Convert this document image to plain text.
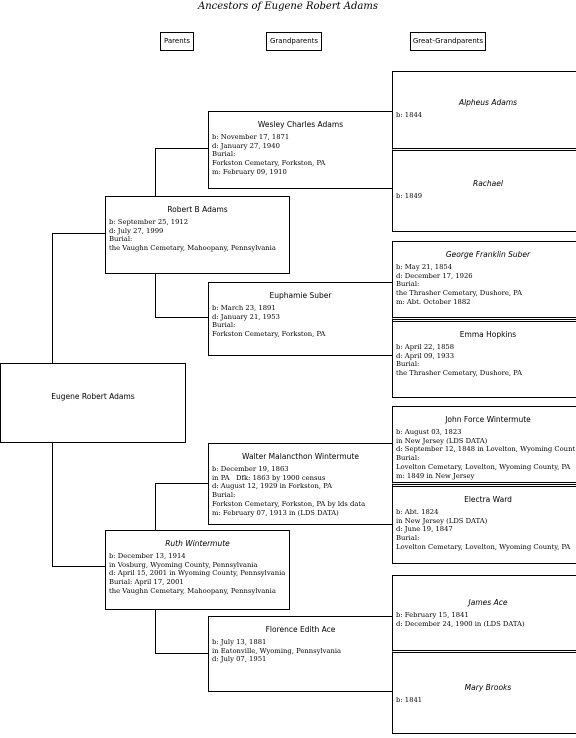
Ancestors of Eugene Robert Adams
Parents	Grandparents	Great-Grandparents
Eugene Robert Adams
Robert B Adams
b: September 25, 1912
d: July 27, 1999
Burial:
the Vaughn Cemetary, Mahoopany, Pennsylvania
Ruth Wintermute
b: December 13, 1914
in Vosburg, Wyoming County, Pennsylvania
d: April 15, 2001 in Wyoming County, Pennsylvania
Burial: April 17, 2001
the Vaughn Cemetary, Mahoopany, Pennsylvania
Wesley Charles Adams
b: November 17, 1871
d: January 27, 1940
Burial:
Forkston Cemetary, Forkston, PA
m: February 09, 1910
Euphamie Suber
b: March 23, 1891
d: January 21, 1953
Burial:
Forkston Cemetary, Forkston, PA
Walter Malancthon Wintermute
b: December 19, 1863
in PA   Dfk: 1863 by 1900 census
d: August 12, 1929 in Forkston, PA
Burial:
Forkston Cemetary, Forkston, PA by lds data
m: February 07, 1913 in (LDS DATA)
Florence Edith Ace
b: July 13, 1881
in Eatonville, Wyoming, Pennsylvania
d: July 07, 1951
Alpheus Adams
b: 1844
Rachael
b: 1849
George Franklin Suber
b: May 21, 1854
d: December 17, 1926
Burial:
the Thrasher Cemetary, Dushore, PA
m: Abt. October 1882
Emma Hopkins
b: April 22, 1858
d: April 09, 1933
Burial:
the Thrasher Cemetary, Dushore, PA
John Force Wintermute
b: August 03, 1823
in New Jersey (LDS DATA)
d: September 12, 1848 in Lovelton, Wyoming Count
Burial:
Lovelton Cemetary, Lovelton, Wyoming County, PA
m: 1849 in New Jersey
Electra Ward
b: Abt. 1824
in New Jersey (LDS DATA)
d: June 19, 1847
Burial:
Lovelton Cemetary, Lovelton, Wyoming County, PA
James Ace
b: February 15, 1841
d: December 24, 1900 in (LDS DATA)
Mary Brooks
b: 1841
